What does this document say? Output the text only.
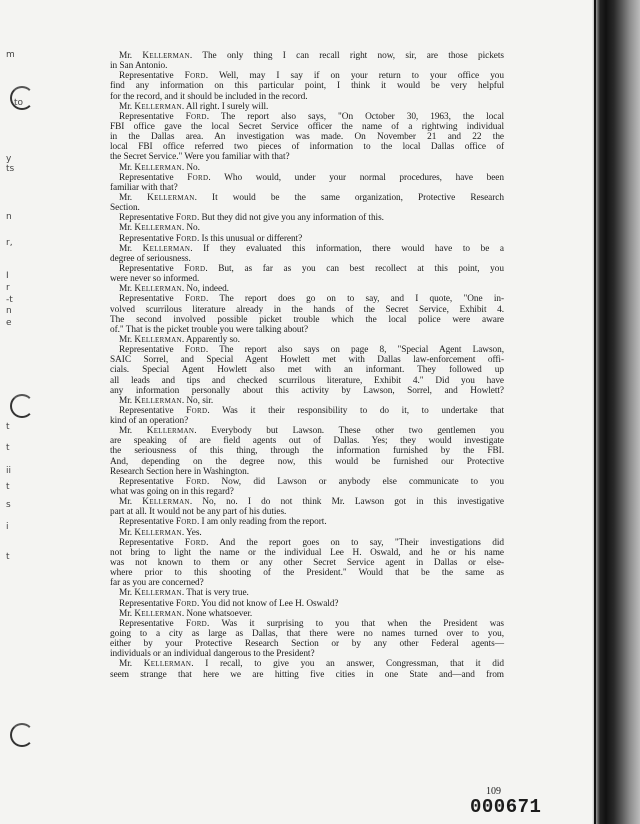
m
to
y
ts
n
r,
I
r
-t
n
e
t
t
ii
t
s
i
t
Mr. Kellerman. The only thing I can recall right now, sir, are those pickets
in San Antonio.
Representative Ford. Well, may I say if on your return to your office you
find any information on this particular point, I think it would be very helpful
for the record, and it should be included in the record.
Mr. Kellerman. All right. I surely will.
Representative Ford. The report also says, "On October 30, 1963, the local
FBI office gave the local Secret Service officer the name of a rightwing individual
in the Dallas area. An investigation was made. On November 21 and 22 the
local FBI office referred two pieces of information to the local Dallas office of
the Secret Service." Were you familiar with that?
Mr. Kellerman. No.
Representative Ford. Who would, under your normal procedures, have been
familiar with that?
Mr. Kellerman. It would be the same organization, Protective Research
Section.
Representative Ford. But they did not give you any information of this.
Mr. Kellerman. No.
Representative Ford. Is this unusual or different?
Mr. Kellerman. If they evaluated this information, there would have to be a
degree of seriousness.
Representative Ford. But, as far as you can best recollect at this point, you
were never so informed.
Mr. Kellerman. No, indeed.
Representative Ford. The report does go on to say, and I quote, "One in-
volved scurrilous literature already in the hands of the Secret Service, Exhibit 4.
The second involved possible picket trouble which the local police were aware
of." That is the picket trouble you were talking about?
Mr. Kellerman. Apparently so.
Representative Ford. The report also says on page 8, "Special Agent Lawson,
SAIC Sorrel, and Special Agent Howlett met with Dallas law-enforcement offi-
cials. Special Agent Howlett also met with an informant. They followed up
all leads and tips and checked scurrilous literature, Exhibit 4." Did you have
any information personally about this activity by Lawson, Sorrel, and Howlett?
Mr. Kellerman. No, sir.
Representative Ford. Was it their responsibility to do it, to undertake that
kind of an operation?
Mr. Kellerman. Everybody but Lawson. These other two gentlemen you
are speaking of are field agents out of Dallas. Yes; they would investigate
the seriousness of this thing, through the information furnished by the FBI.
And, depending on the degree now, this would be furnished our Protective
Research Section here in Washington.
Representative Ford. Now, did Lawson or anybody else communicate to you
what was going on in this regard?
Mr. Kellerman. No, no. I do not think Mr. Lawson got in this investigative
part at all. It would not be any part of his duties.
Representative Ford. I am only reading from the report.
Mr. Kellerman. Yes.
Representative Ford. And the report goes on to say, "Their investigations did
not bring to light the name or the individual Lee H. Oswald, and he or his name
was not known to them or any other Secret Service agent in Dallas or else-
where prior to this shooting of the President." Would that be the same as
far as you are concerned?
Mr. Kellerman. That is very true.
Representative Ford. You did not know of Lee H. Oswald?
Mr. Kellerman. None whatsoever.
Representative Ford. Was it surprising to you that when the President was
going to a city as large as Dallas, that there were no names turned over to you,
either by your Protective Research Section or by any other Federal agents—
individuals or an individual dangerous to the President?
Mr. Kellerman. I recall, to give you an answer, Congressman, that it did
seem strange that here we are hitting five cities in one State and—and from
109
000671
